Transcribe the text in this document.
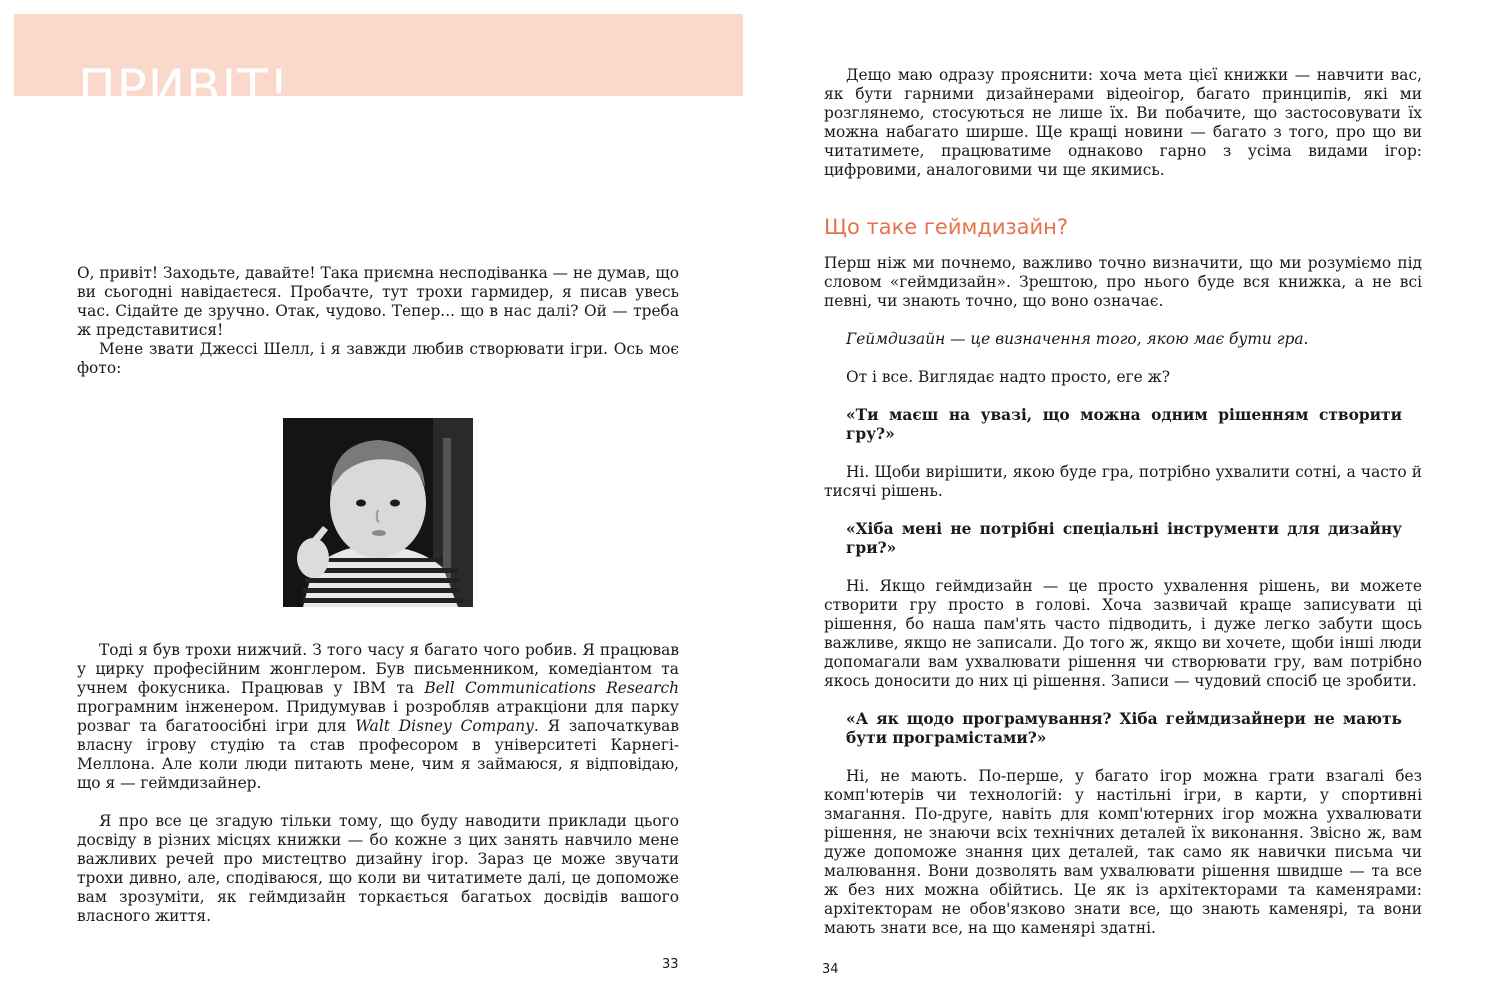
ПРИВІТ!

О, привіт! Заходьте, давайте! Така приємна несподіванка — не думав, що ви сьогодні навідаєтеся. Пробачте, тут трохи гармидер, я писав увесь час. Сідайте де зручно. Отак, чудово. Тепер... що в нас далі? Ой — треба ж представитися!

Мене звати Джессі Шелл, і я завжди любив створювати ігри. Ось моє фото:

Тоді я був трохи нижчий. З того часу я багато чого робив. Я працював у цирку професійним жонглером. Був письменником, комедіантом та учнем фокусника. Працював у IBM та Bell Communications Research програмним інженером. Придумував і розробляв атракціони для парку розваг та багатоосібні ігри для Walt Disney Company. Я започаткував власну ігрову студію та став професором в університеті Карнегі-Меллона. Але коли люди питають мене, чим я займаюся, я відповідаю, що я — геймдизайнер.

Я про все це згадую тільки тому, що буду наводити приклади цього досвіду в різних місцях книжки — бо кожне з цих занять навчило мене важливих речей про мистецтво дизайну ігор. Зараз це може звучати трохи дивно, але, сподіваюся, що коли ви читатимете далі, це допоможе вам зрозуміти, як геймдизайн торкається багатьох досвідів вашого власного життя.

33

Дещо маю одразу прояснити: хоча мета цієї книжки — навчити вас, як бути гарними дизайнерами відеоігор, багато принципів, які ми розглянемо, стосуються не лише їх. Ви побачите, що застосовувати їх можна набагато ширше. Ще кращі новини — багато з того, про що ви читатимете, працюватиме однаково гарно з усіма видами ігор: цифровими, аналоговими чи ще якимись.

Що таке геймдизайн?

Перш ніж ми почнемо, важливо точно визначити, що ми розуміємо під словом «геймдизайн». Зрештою, про нього буде вся книжка, а не всі певні, чи знають точно, що воно означає.

Геймдизайн — це визначення того, якою має бути гра.

От і все. Виглядає надто просто, еге ж?

«Ти маєш на увазі, що можна одним рішенням створити гру?»

Ні. Щоби вирішити, якою буде гра, потрібно ухвалити сотні, а часто й тисячі рішень.

«Хіба мені не потрібні спеціальні інструменти для дизайну гри?»

Ні. Якщо геймдизайн — це просто ухвалення рішень, ви можете створити гру просто в голові. Хоча зазвичай краще записувати ці рішення, бо наша пам'ять часто підводить, і дуже легко забути щось важливе, якщо не записали. До того ж, якщо ви хочете, щоби інші люди допомагали вам ухвалювати рішення чи створювати гру, вам потрібно якось доносити до них ці рішення. Записи — чудовий спосіб це зробити.

«А як щодо програмування? Хіба геймдизайнери не мають бути програмістами?»

Ні, не мають. По-перше, у багато ігор можна грати взагалі без комп'ютерів чи технологій: у настільні ігри, в карти, у спортивні змагання. По-друге, навіть для комп'ютерних ігор можна ухвалювати рішення, не знаючи всіх технічних деталей їх виконання. Звісно ж, вам дуже допоможе знання цих деталей, так само як навички письма чи малювання. Вони дозволять вам ухвалювати рішення швидше — та все ж без них можна обійтись. Це як із архітекторами та каменярами: архітекторам не обов'язково знати все, що знають каменярі, та вони мають знати все, на що каменярі здатні.

34
